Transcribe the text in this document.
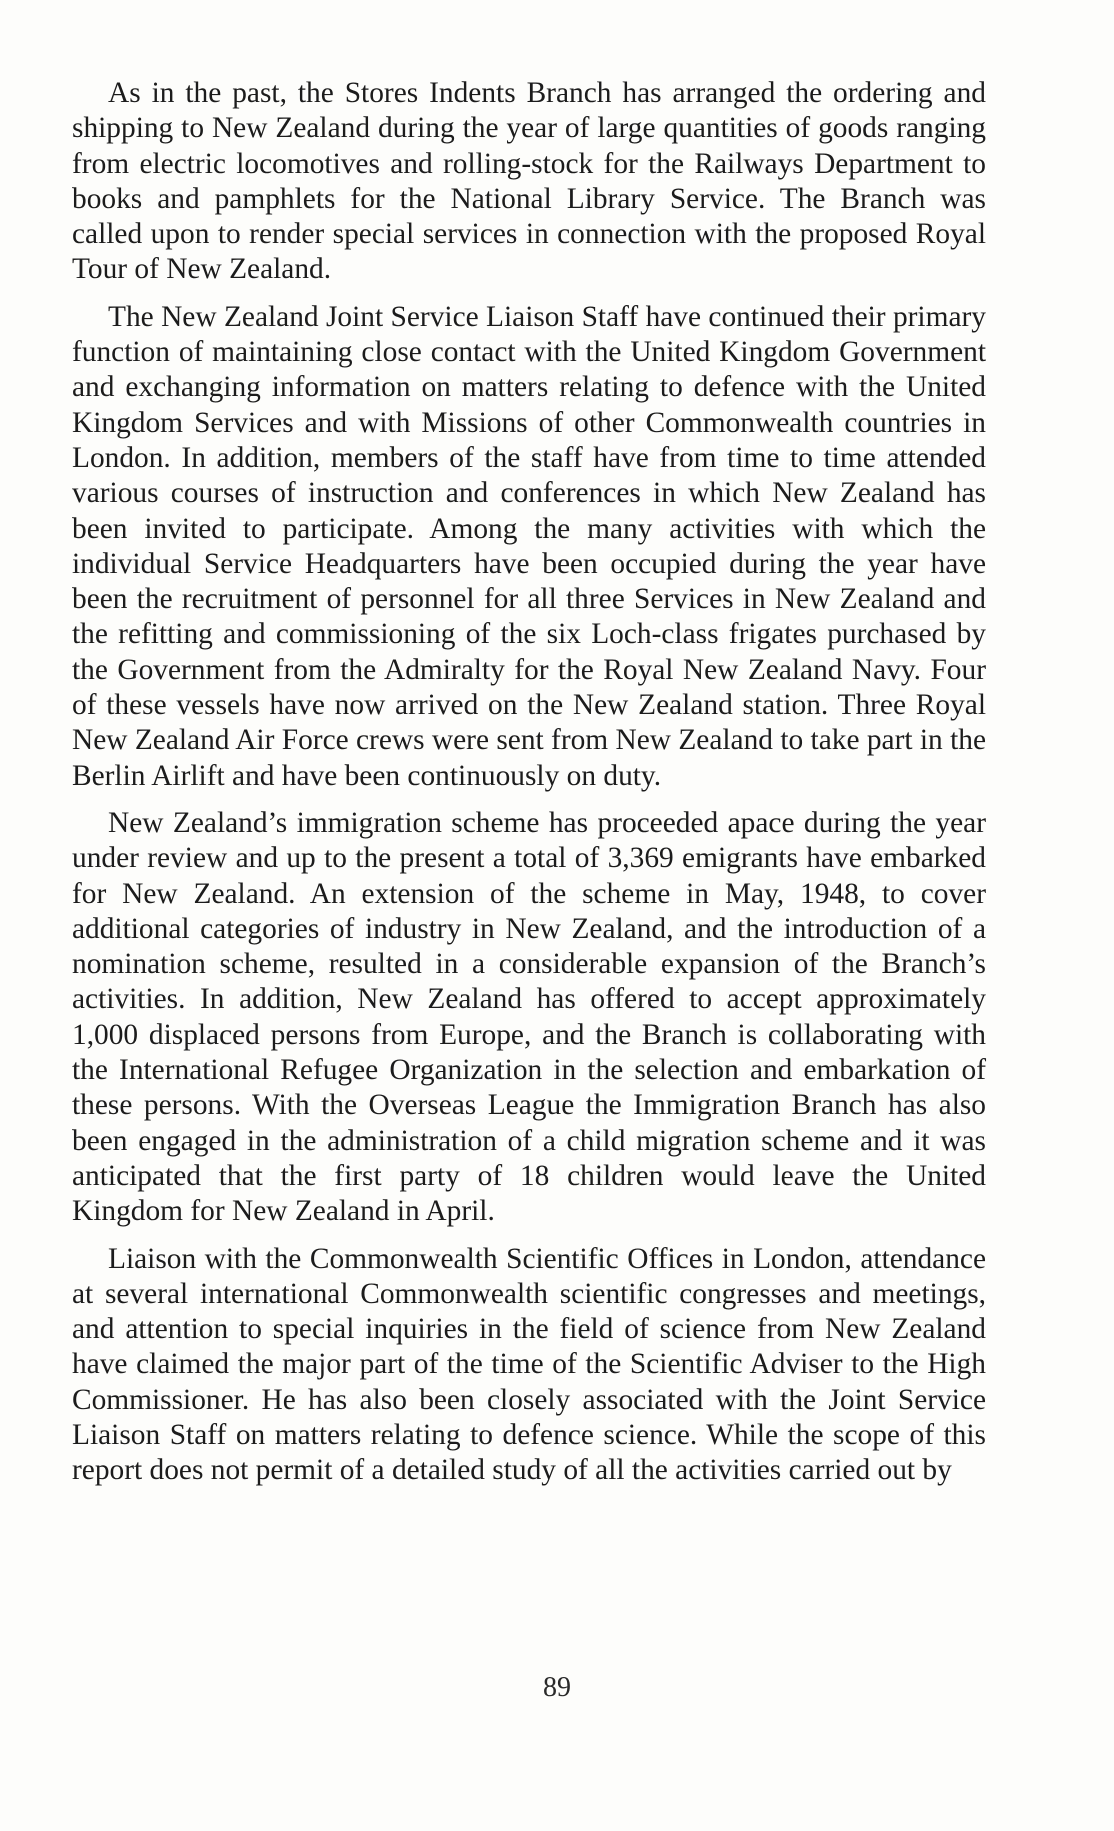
As in the past, the Stores Indents Branch has arranged the ordering and shipping to New Zealand during the year of large quantities of goods ranging from electric locomotives and rolling-stock for the Railways Department to books and pamphlets for the National Library Service. The Branch was called upon to render special services in connection with the proposed Royal Tour of New Zealand.

The New Zealand Joint Service Liaison Staff have continued their primary function of maintaining close contact with the United Kingdom Government and exchanging information on matters relating to defence with the United Kingdom Services and with Missions of other Commonwealth countries in London. In addition, members of the staff have from time to time attended various courses of instruction and conferences in which New Zealand has been invited to participate. Among the many activities with which the individual Service Headquarters have been occupied during the year have been the recruitment of personnel for all three Services in New Zealand and the refitting and commissioning of the six Loch-class frigates purchased by the Government from the Admiralty for the Royal New Zealand Navy. Four of these vessels have now arrived on the New Zealand station. Three Royal New Zealand Air Force crews were sent from New Zealand to take part in the Berlin Airlift and have been continuously on duty.

New Zealand’s immigration scheme has proceeded apace during the year under review and up to the present a total of 3,369 emigrants have embarked for New Zealand. An extension of the scheme in May, 1948, to cover additional categories of industry in New Zealand, and the introduction of a nomination scheme, resulted in a considerable expansion of the Branch’s activities. In addition, New Zealand has offered to accept approximately 1,000 displaced persons from Europe, and the Branch is collaborating with the International Refugee Organization in the selection and embarkation of these persons. With the Overseas League the Immigration Branch has also been engaged in the administration of a child migration scheme and it was anticipated that the first party of 18 children would leave the United Kingdom for New Zealand in April.

Liaison with the Commonwealth Scientific Offices in London, attendance at several international Commonwealth scientific congresses and meetings, and attention to special inquiries in the field of science from New Zealand have claimed the major part of the time of the Scientific Adviser to the High Commissioner. He has also been closely associated with the Joint Service Liaison Staff on matters relating to defence science. While the scope of this report does not permit of a detailed study of all the activities carried out by

89
